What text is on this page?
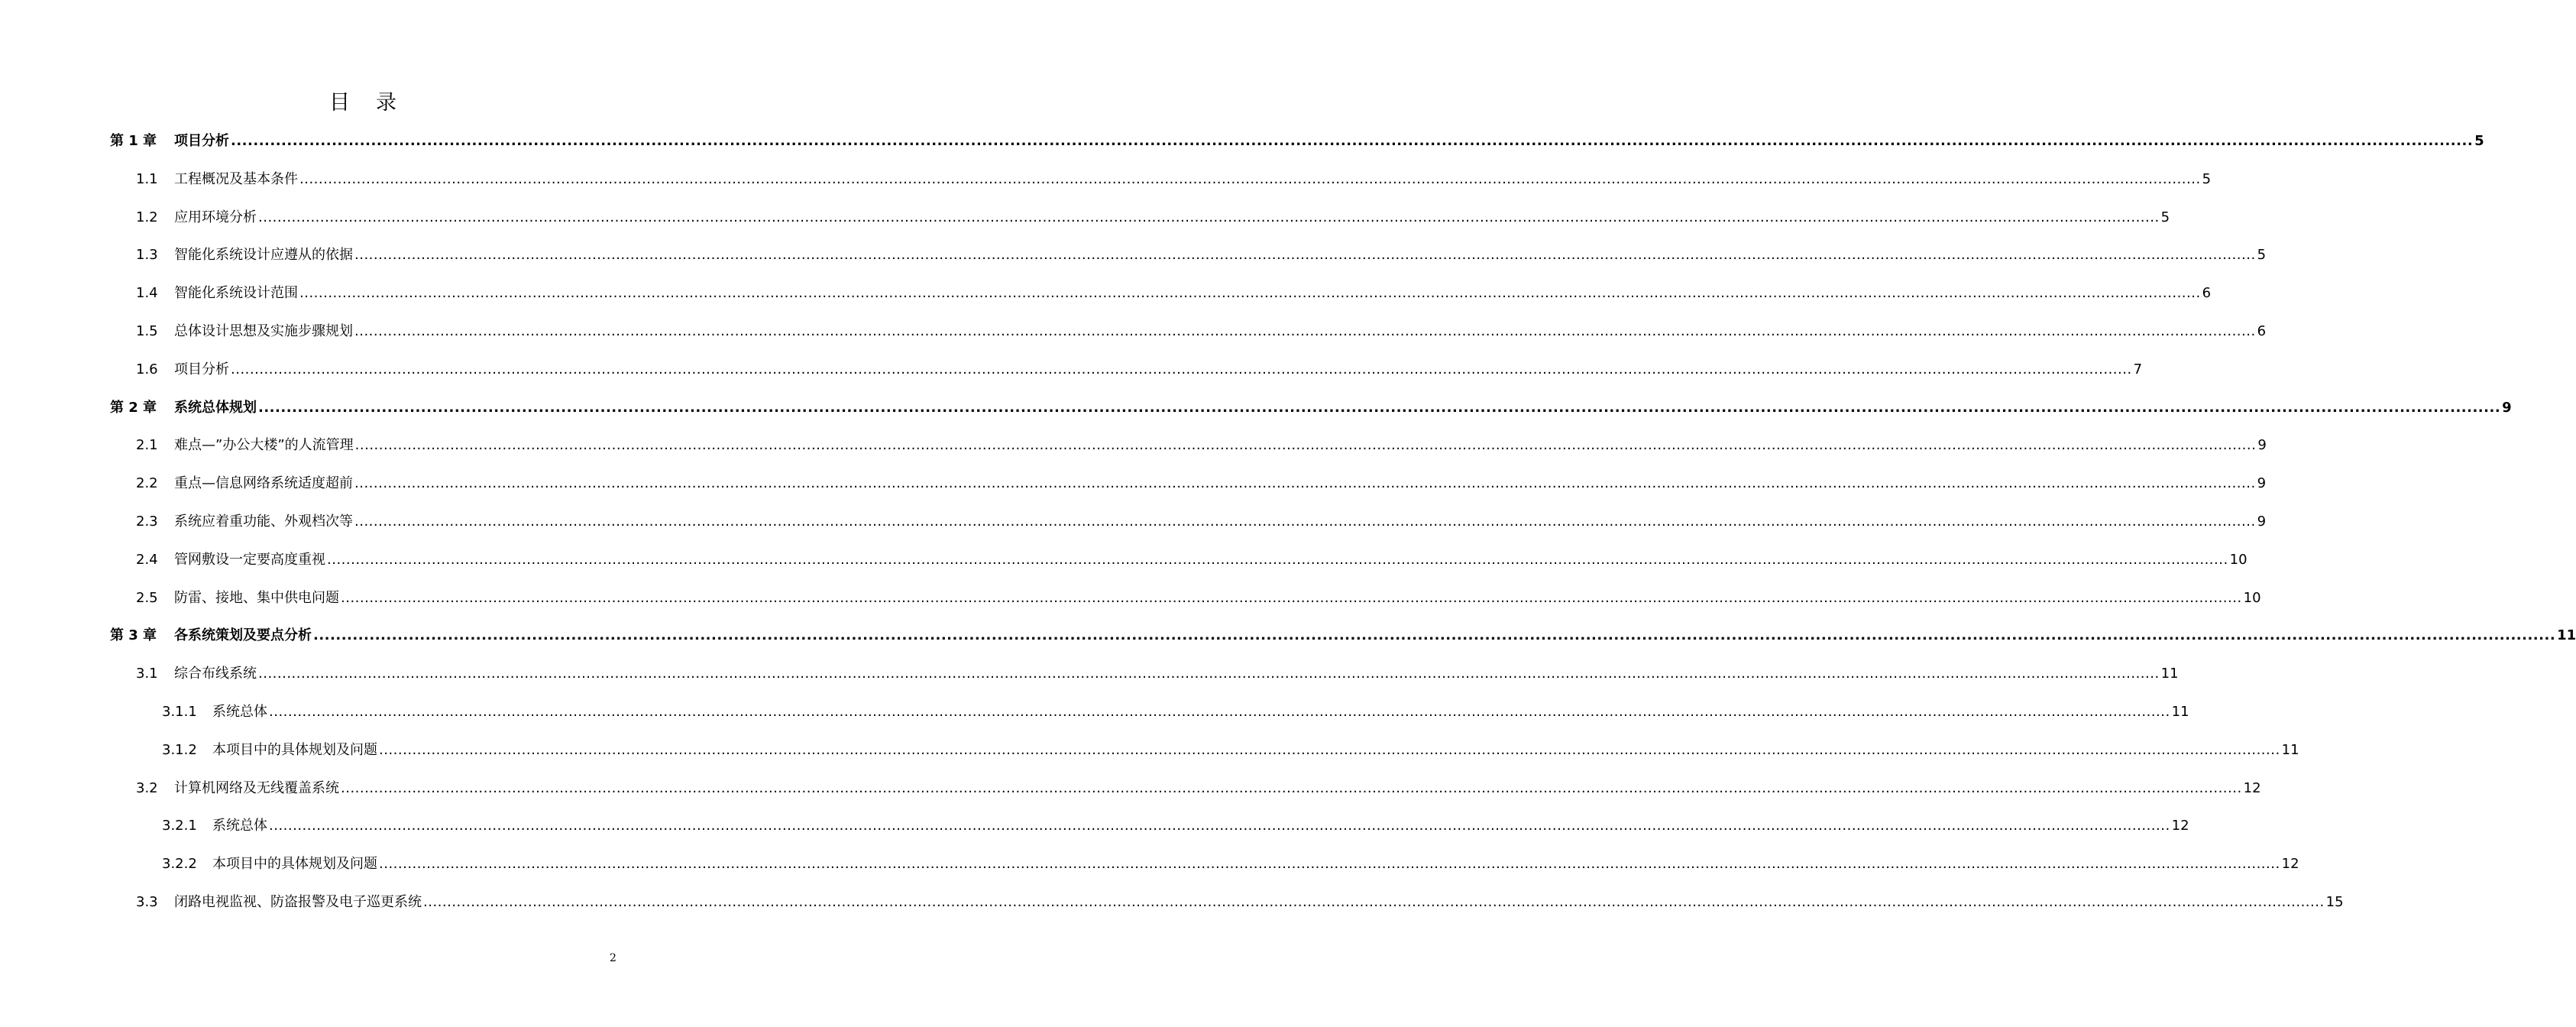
目录
第 1 章 项目分析 ................................................................................................................................................................................................................................................................................................................................................................................................................ 5
1.1 工程概况及基本条件 ................................................................................................................................................................................................................................................................................................................................................................................................................ 5
1.2 应用环境分析 ................................................................................................................................................................................................................................................................................................................................................................................................................ 5
1.3 智能化系统设计应遵从的依据 ................................................................................................................................................................................................................................................................................................................................................................................................................ 5
1.4 智能化系统设计范围 ................................................................................................................................................................................................................................................................................................................................................................................................................ 6
1.5 总体设计思想及实施步骤规划 ................................................................................................................................................................................................................................................................................................................................................................................................................ 6
1.6 项目分析 ................................................................................................................................................................................................................................................................................................................................................................................................................ 7
第 2 章 系统总体规划 ................................................................................................................................................................................................................................................................................................................................................................................................................ 9
2.1 难点—”办公大楼”的人流管理 ................................................................................................................................................................................................................................................................................................................................................................................................................ 9
2.2 重点—信息网络系统适度超前 ................................................................................................................................................................................................................................................................................................................................................................................................................ 9
2.3 系统应着重功能、外观档次等 ................................................................................................................................................................................................................................................................................................................................................................................................................ 9
2.4 管网敷设一定要高度重视 ................................................................................................................................................................................................................................................................................................................................................................................................................ 10
2.5 防雷、接地、集中供电问题 ................................................................................................................................................................................................................................................................................................................................................................................................................ 10
第 3 章 各系统策划及要点分析 ................................................................................................................................................................................................................................................................................................................................................................................................................ 11
3.1 综合布线系统 ................................................................................................................................................................................................................................................................................................................................................................................................................ 11
3.1.1 系统总体 ................................................................................................................................................................................................................................................................................................................................................................................................................ 11
3.1.2 本项目中的具体规划及问题 ................................................................................................................................................................................................................................................................................................................................................................................................................ 11
3.2 计算机网络及无线覆盖系统 ................................................................................................................................................................................................................................................................................................................................................................................................................ 12
3.2.1 系统总体 ................................................................................................................................................................................................................................................................................................................................................................................................................ 12
3.2.2 本项目中的具体规划及问题 ................................................................................................................................................................................................................................................................................................................................................................................................................ 12
3.3 闭路电视监视、防盗报警及电子巡更系统 ................................................................................................................................................................................................................................................................................................................................................................................................................ 15
2
